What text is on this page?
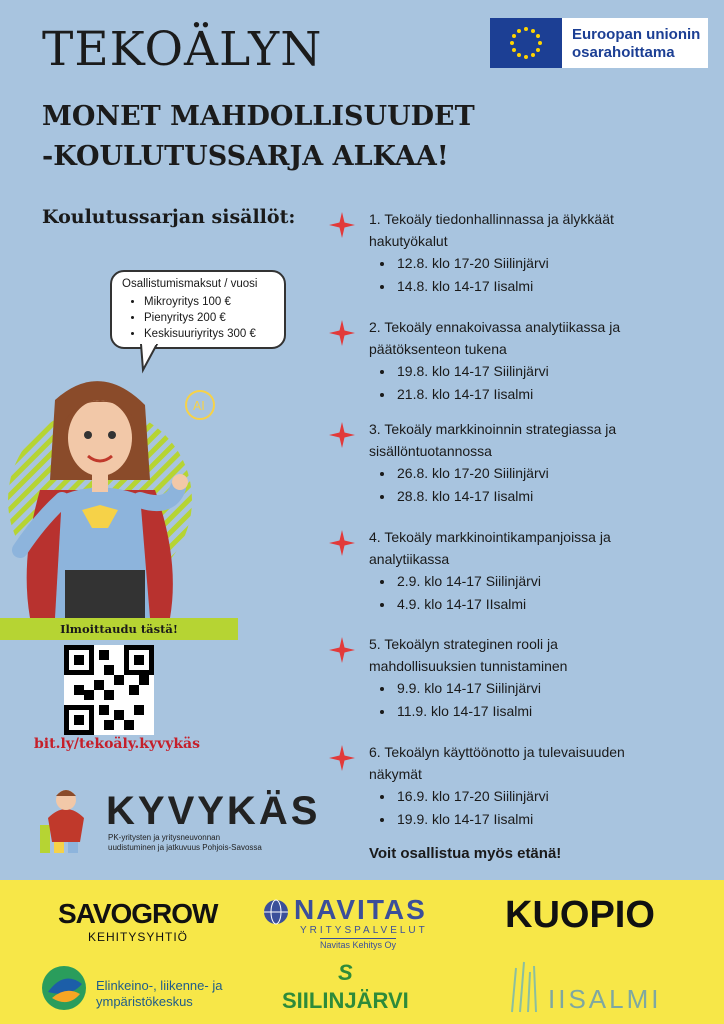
TEKOÄLYN
MONET MAHDOLLISUUDET
-KOULUTUSSARJA ALKAA!
Euroopan unionin
osarahoittama
Koulutussarjan sisällöt:
Osallistumismaksut / vuosi
• Mikroyritys 100 €
• Pienyritys 200 €
• Keskisuuriyritys 300 €
AI
Ilmoittaudu tästä!
bit.ly/tekoäly.kyvykäs
KYVYKÄS
PK-yritysten ja yritysneuvonnan
uudistuminen ja jatkuvuus Pohjois-Savossa
1. Tekoäly tiedonhallinnassa ja älykkäät hakutyökalut
• 12.8. klo 17-20 Siilinjärvi
• 14.8. klo 14-17 Iisalmi
2. Tekoäly ennakoivassa analytiikassa ja päätöksenteon tukena
• 19.8. klo 14-17 Siilinjärvi
• 21.8. klo 14-17 Iisalmi
3. Tekoäly markkinoinnin strategiassa ja sisällöntuotannossa
• 26.8. klo 17-20 Siilinjärvi
• 28.8. klo 14-17 Iisalmi
4. Tekoäly markkinointikampanjoissa ja analytiikassa
• 2.9. klo 14-17 Siilinjärvi
• 4.9. klo 14-17 IIsalmi
5. Tekoälyn strateginen rooli ja mahdollisuuksien tunnistaminen
• 9.9. klo 14-17 Siilinjärvi
• 11.9. klo 14-17 Iisalmi
6. Tekoälyn käyttöönotto ja tulevaisuuden näkymät
• 16.9. klo 17-20 Siilinjärvi
• 19.9. klo 14-17 Iisalmi
Voit osallistua myös etänä!
SAVOGROW
KEHITYSYHTIÖ
NAVITAS
YRITYSPALVELUT
Navitas Kehitys Oy
KUOPIO
Elinkeino-, liikenne- ja
ympäristökeskus
S
SIILINJÄRVI	IISALMI
